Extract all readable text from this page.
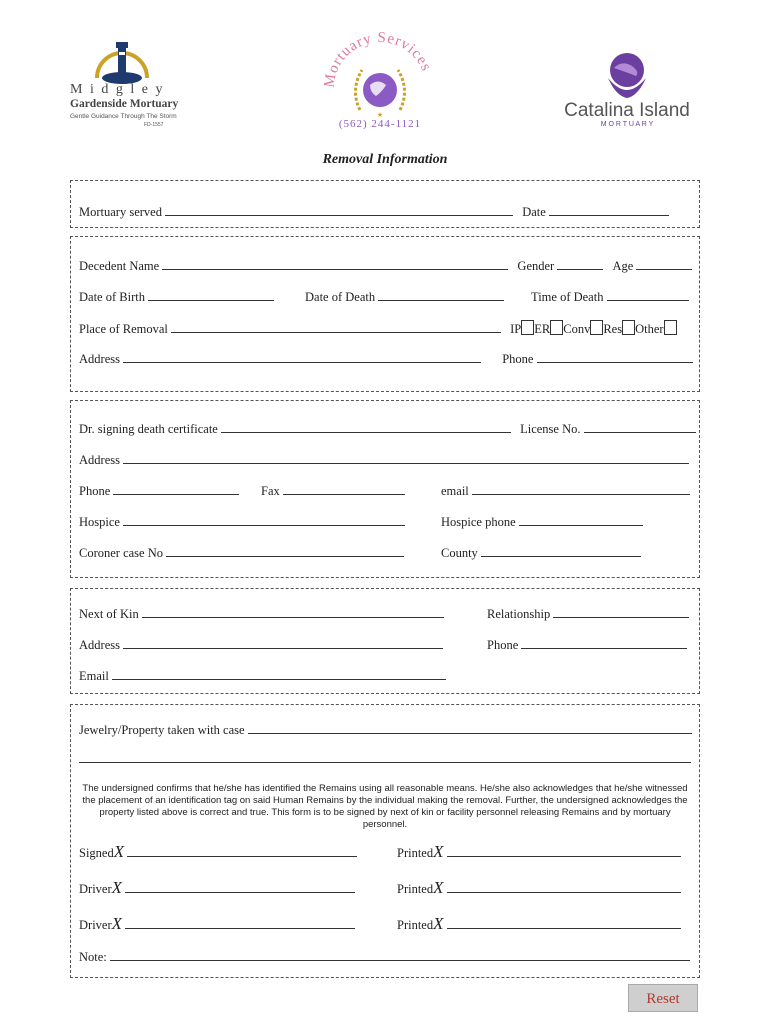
M i d g l e y
Gardenside Mortuary
Gentle Guidance Through The Storm
FD-1557
Mortuary Services
★
(562) 244-1121
Catalina Island
M O R T U A R Y
Removal Information
Mortuary served	Date
Decedent Name	Gender	Age
Date of Birth	Date of Death	Time of Death
Place of Removal	IP ER Conv Res Other
Address	Phone
Dr. signing death certificate	License No.
Address
Phone	Fax	email
Hospice	Hospice phone
Coroner case No	County
Next of Kin	Relationship
Address	Phone
Email
Jewelry/Property taken with case
SignedX	PrintedX
DriverX	PrintedX
DriverX	PrintedX
Note:
The undersigned confirms that he/she has identified the Remains using all reasonable means. He/she also acknowledges that he/she witnessed the placement of an identification tag on said Human Remains by the individual making the removal. Further, the undersigned acknowledges the property listed above is correct and true. This form is to be signed by next of kin or facility personnel releasing Remains and by mortuary personnel.
Reset
